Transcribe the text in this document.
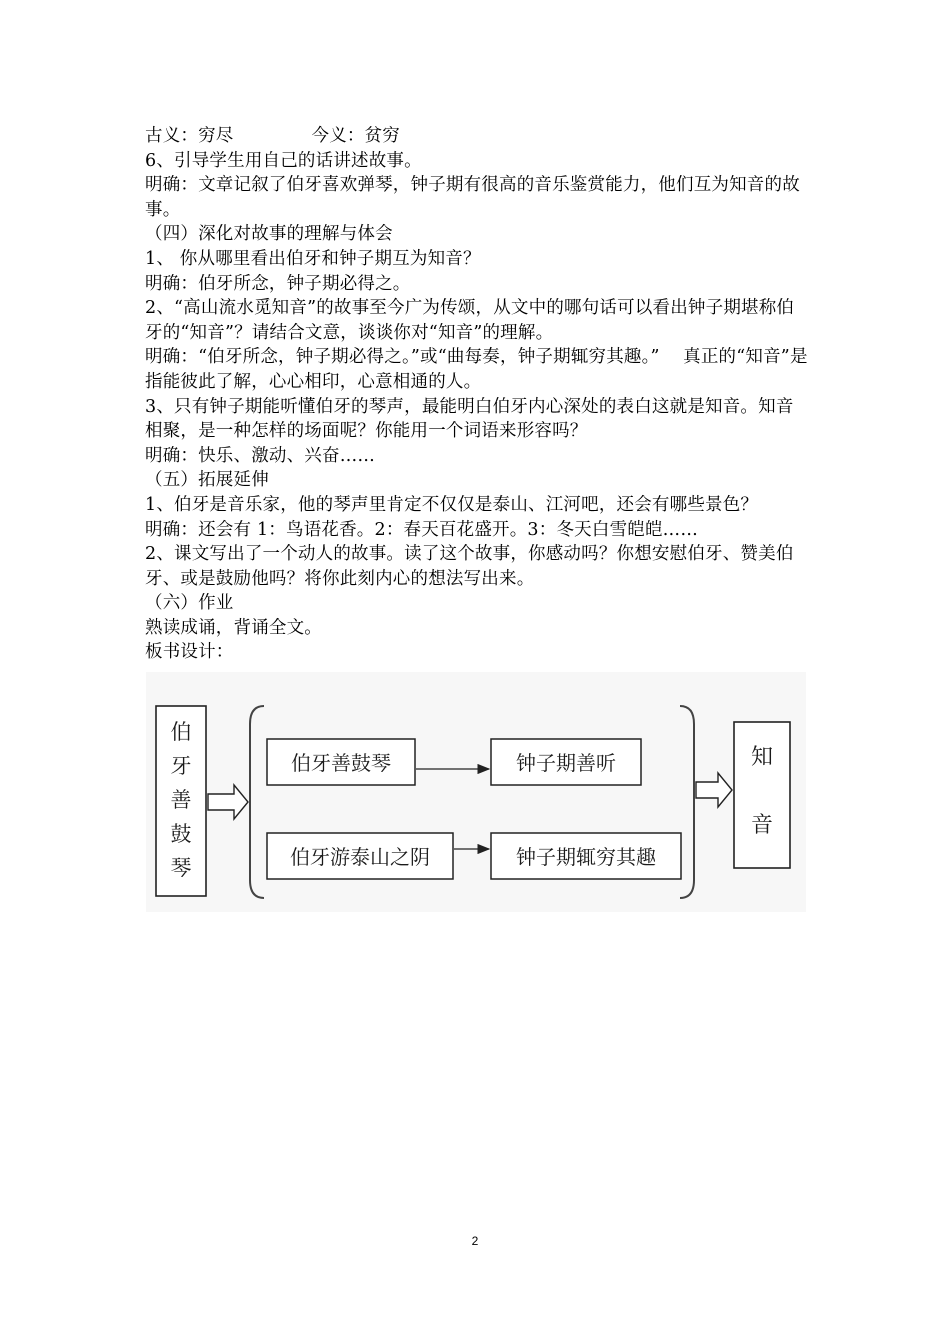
古义：穷尽	今义：贫穷

6、引导学生用自己的话讲述故事。

明确：文章记叙了伯牙喜欢弹琴，钟子期有很高的音乐鉴赏能力，他们互为知音的故事。

（四）深化对故事的理解与体会

1、 你从哪里看出伯牙和钟子期互为知音？

明确：伯牙所念，钟子期必得之。

2、“高山流水觅知音”的故事至今广为传颂，从文中的哪句话可以看出钟子期堪称伯牙的“知音”？请结合文意，谈谈你对“知音”的理解。

明确：“伯牙所念，钟子期必得之。”或“曲每奏，钟子期辄穷其趣。”　 真正的“知音”是指能彼此了解，心心相印，心意相通的人。

3、只有钟子期能听懂伯牙的琴声，最能明白伯牙内心深处的表白这就是知音。知音相聚，是一种怎样的场面呢？你能用一个词语来形容吗？

明确：快乐、激动、兴奋……

（五）拓展延伸

1、伯牙是音乐家，他的琴声里肯定不仅仅是泰山、江河吧，还会有哪些景色？

明确：还会有 1：鸟语花香。2：春天百花盛开。3：冬天白雪皑皑……

2、课文写出了一个动人的故事。读了这个故事，你感动吗？你想安慰伯牙、赞美伯牙、或是鼓励他吗？将你此刻内心的想法写出来。

（六）作业

熟读成诵，背诵全文。

板书设计：

伯
牙
善
鼓
琴
伯牙善鼓琴	钟子期善听
伯牙游泰山之阴	钟子期辄穷其趣
知
音
2
